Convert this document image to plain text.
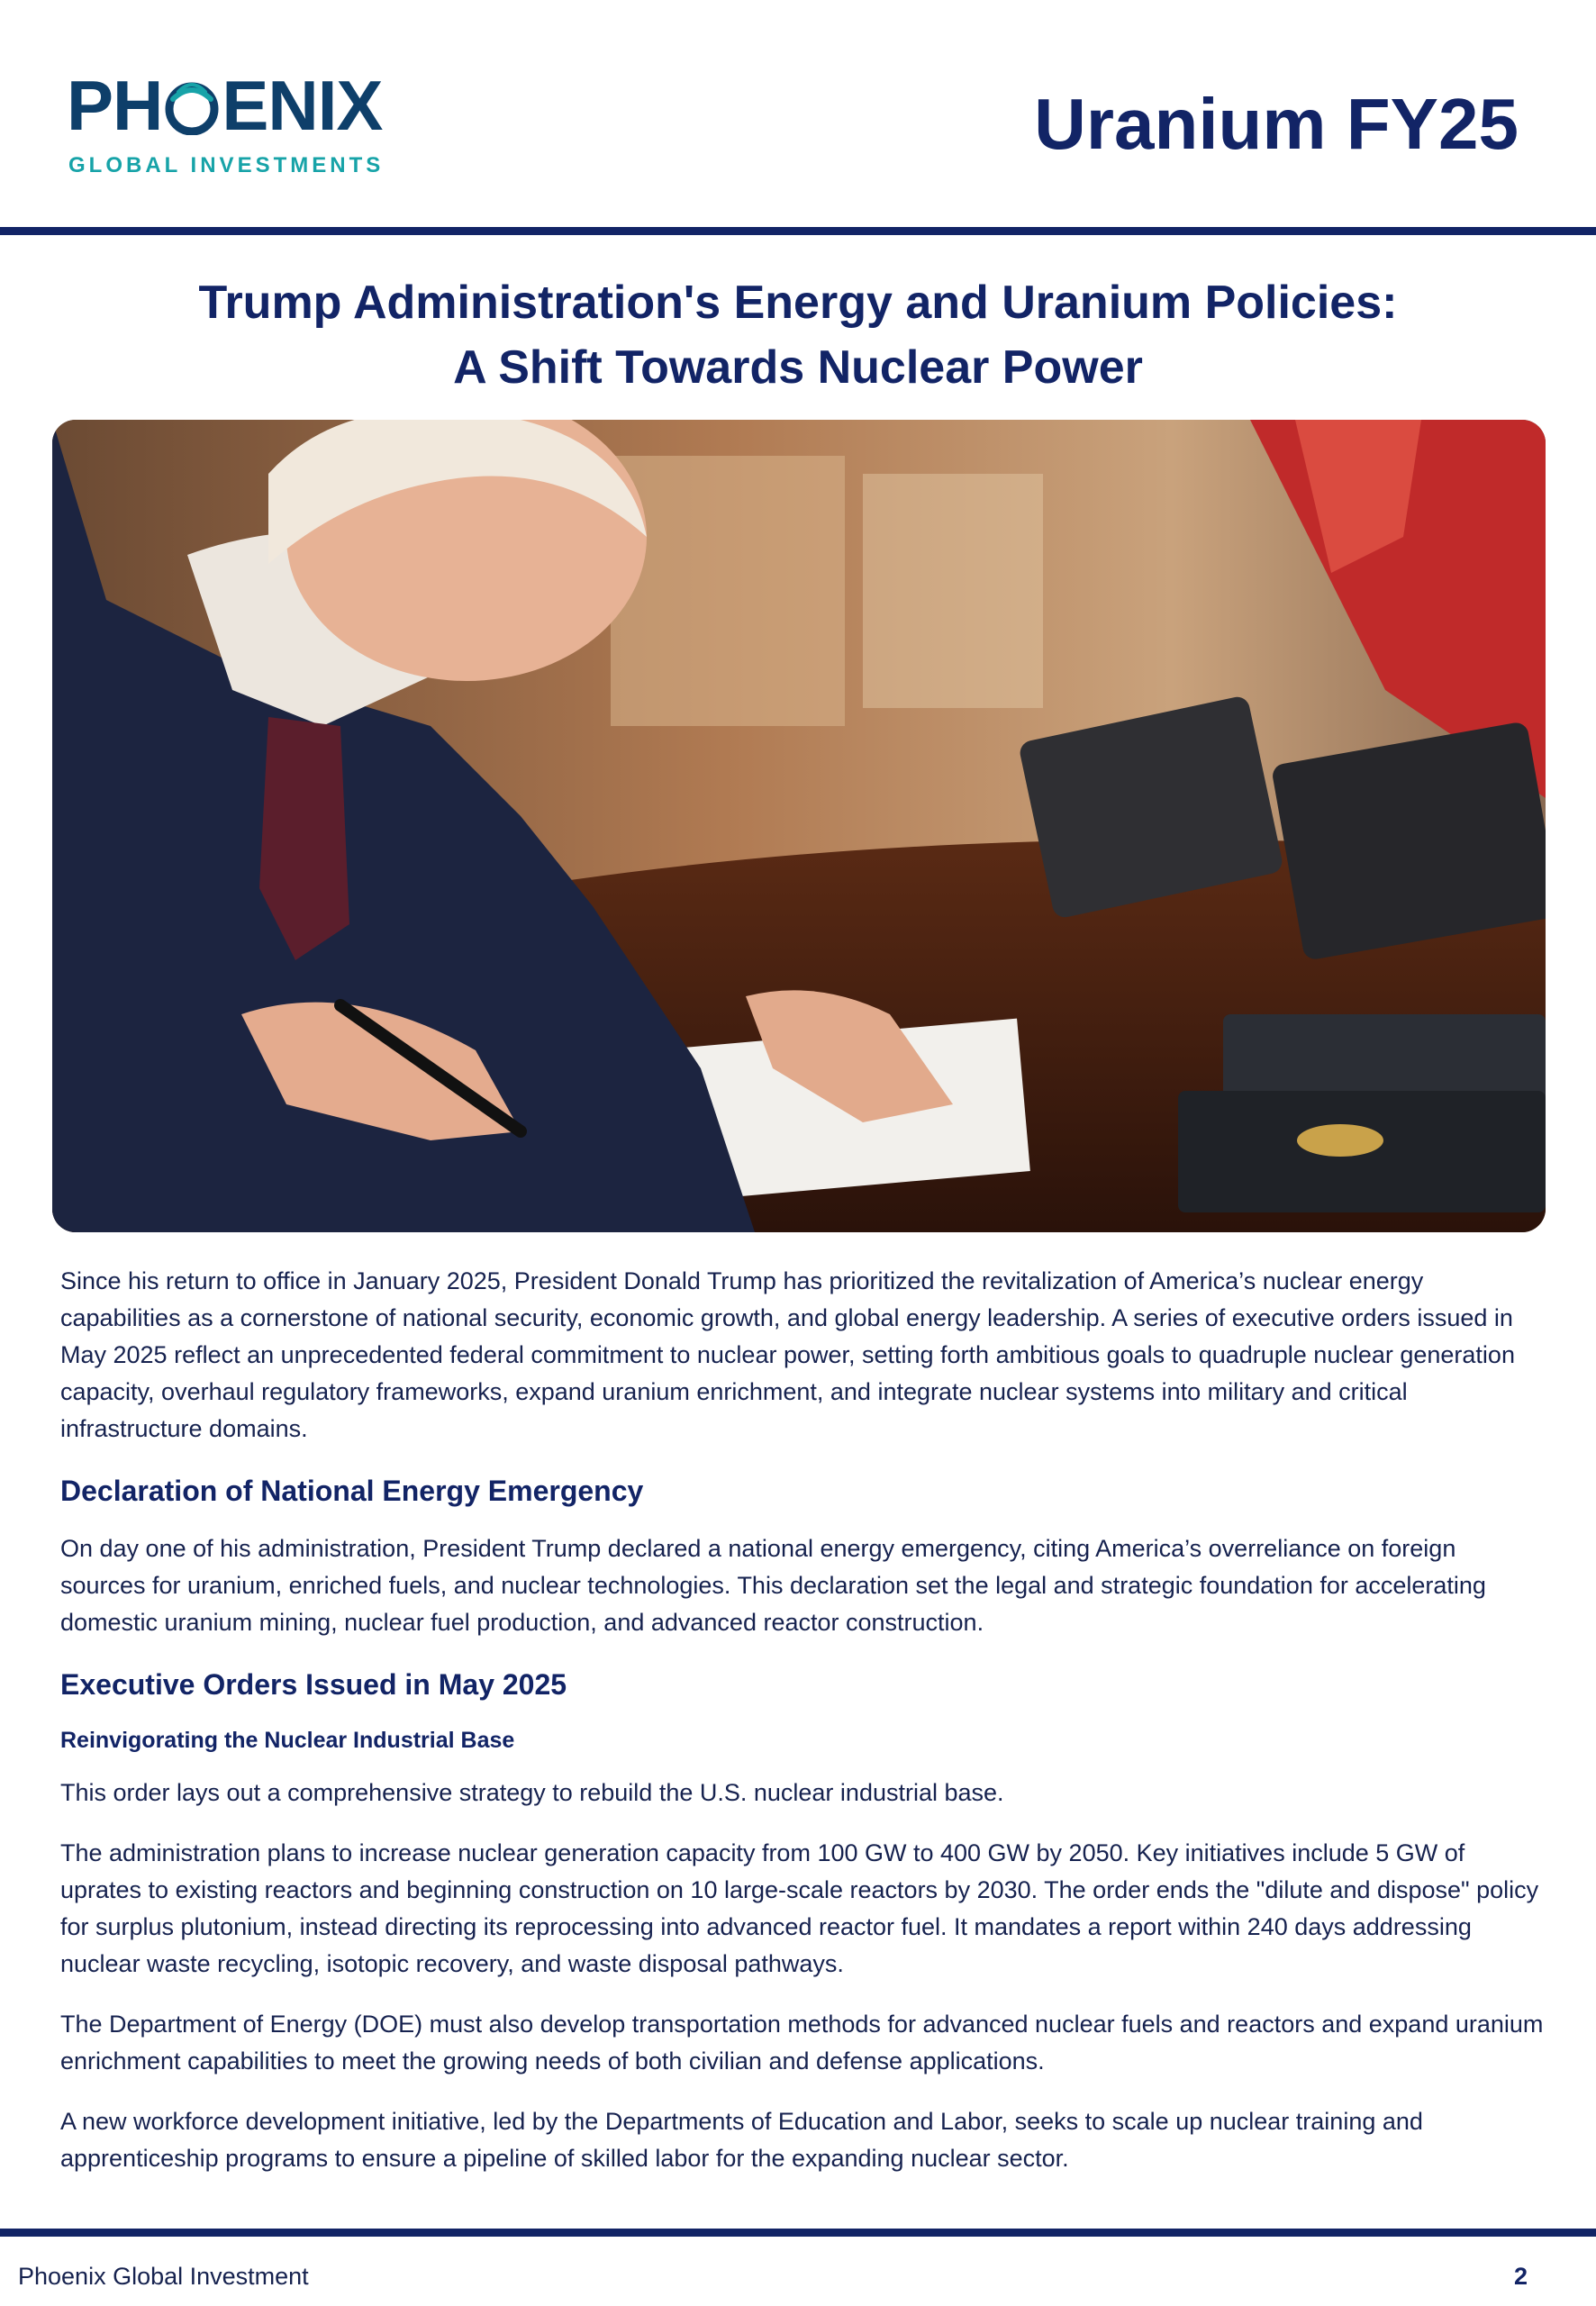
PH ENIX
GLOBAL INVESTMENTS
Uranium FY25
Trump Administration's Energy and Uranium Policies:
A Shift Towards Nuclear Power

Since his return to office in January 2025, President Donald Trump has prioritized the revitalization of America’s nuclear energy capabilities as a cornerstone of national security, economic growth, and global energy leadership. A series of executive orders issued in May 2025 reflect an unprecedented federal commitment to nuclear power, setting forth ambitious goals to quadruple nuclear generation capacity, overhaul regulatory frameworks, expand uranium enrichment, and integrate nuclear systems into military and critical infrastructure domains.

Declaration of National Energy Emergency

On day one of his administration, President Trump declared a national energy emergency, citing America’s overreliance on foreign sources for uranium, enriched fuels, and nuclear technologies. This declaration set the legal and strategic foundation for accelerating domestic uranium mining, nuclear fuel production, and advanced reactor construction.

Executive Orders Issued in May 2025
Reinvigorating the Nuclear Industrial Base

This order lays out a comprehensive strategy to rebuild the U.S. nuclear industrial base.

The administration plans to increase nuclear generation capacity from 100 GW to 400 GW by 2050. Key initiatives include 5 GW of uprates to existing reactors and beginning construction on 10 large-scale reactors by 2030. The order ends the "dilute and dispose" policy for surplus plutonium, instead directing its reprocessing into advanced reactor fuel. It mandates a report within 240 days addressing nuclear waste recycling, isotopic recovery, and waste disposal pathways.

The Department of Energy (DOE) must also develop transportation methods for advanced nuclear fuels and reactors and expand uranium enrichment capabilities to meet the growing needs of both civilian and defense applications.

A new workforce development initiative, led by the Departments of Education and Labor, seeks to scale up nuclear training and apprenticeship programs to ensure a pipeline of skilled labor for the expanding nuclear sector.

Phoenix Global Investment	2
